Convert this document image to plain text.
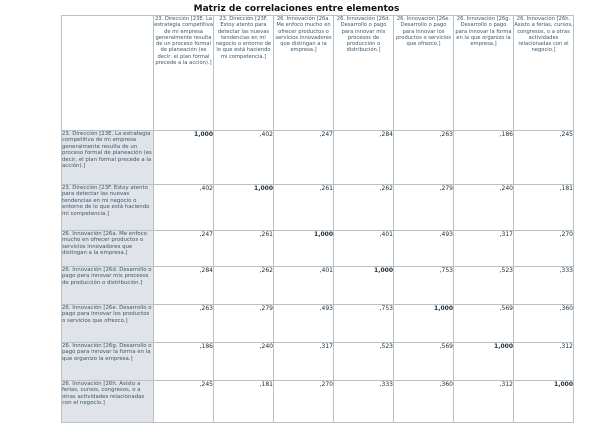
Matriz de correlaciones entre elementos
	23. Dirección [23E. La estrategia competitiva de mi empresa generalmente resulta de un proceso formal de planeación (es decir, el plan formal precede a la acción).]	23. Dirección [23F. Estoy atento para detectar las nuevas tendencias en mi negocio o entorno de lo que está haciendo mi competencia.]	26. Innovación [26a. Me enfoco mucho en ofrecer productos o servicios innovadores que distingan a la empresa.]	26. Innovación [26d. Desarrollo o pago para innovar mis procesos de producción o distribución.]	26. Innovación [26e. Desarrollo o pago para innovar los productos o servicios que ofrezco.]	26. Innovación [26g. Desarrollo o pago para innovar la forma en la que organizo la empresa.]	26. Innovación [26h. Asisto a ferias, cursos, congresos, o a otras actividades relacionadas con el negocio.]
23. Dirección [23E. La estrategia competitiva de mi empresa generalmente resulta de un proceso formal de planeación (es decir, el plan formal precede a la acción).]	1,000	,402	,247	,284	,263	,186	,245
23. Dirección [23F. Estoy atento para detectar las nuevas tendencias en mi negocio o entorno de lo que está haciendo mi competencia.]	,402	1,000	,261	,262	,279	,240	,181
26. Innovación [26a. Me enfoco mucho en ofrecer productos o servicios innovadores que distingan a la empresa.]	,247	,261	1,000	,401	,493	,317	,270
26. Innovación [26d. Desarrollo o pago para innovar mis procesos de producción o distribución.]	,284	,262	,401	1,000	,753	,523	,333
26. Innovación [26e. Desarrollo o pago para innovar los productos o servicios que ofrezco.]	,263	,279	,493	,753	1,000	,569	,360
26. Innovación [26g. Desarrollo o pago para innovar la forma en la que organizo la empresa.]	,186	,240	,317	,523	,569	1,000	,312
26. Innovación [26h. Asisto a ferias, cursos, congresos, o a otras actividades relacionadas con el negocio.]	,245	,181	,270	,333	,360	,312	1,000
